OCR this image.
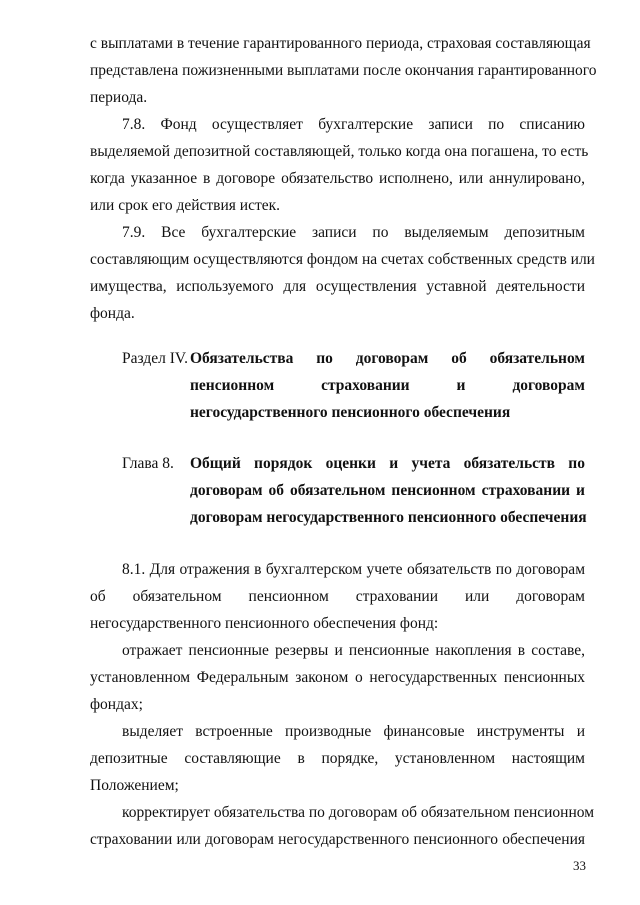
с выплатами в течение гарантированного периода, страховая составляющая
представлена пожизненными выплатами после окончания гарантированного
периода.
7.8. Фонд осуществляет бухгалтерские записи по списанию
выделяемой депозитной составляющей, только когда она погашена, то есть
когда указанное в договоре обязательство исполнено, или аннулировано,
или срок его действия истек.
7.9. Все бухгалтерские записи по выделяемым депозитным
составляющим осуществляются фондом на счетах собственных средств или
имущества, используемого для осуществления уставной деятельности
фонда.
Раздел IV. Обязательства по договорам об обязательном
пенсионном страховании и договорам
негосударственного пенсионного обеспечения
Глава 8. Общий порядок оценки и учета обязательств по
договорам об обязательном пенсионном страховании и
договорам негосударственного пенсионного обеспечения
8.1. Для отражения в бухгалтерском учете обязательств по договорам
об обязательном пенсионном страховании или договорам
негосударственного пенсионного обеспечения фонд:
отражает пенсионные резервы и пенсионные накопления в составе,
установленном Федеральным законом о негосударственных пенсионных
фондах;
выделяет встроенные производные финансовые инструменты и
депозитные составляющие в порядке, установленном настоящим
Положением;
корректирует обязательства по договорам об обязательном пенсионном
страховании или договорам негосударственного пенсионного обеспечения
33
